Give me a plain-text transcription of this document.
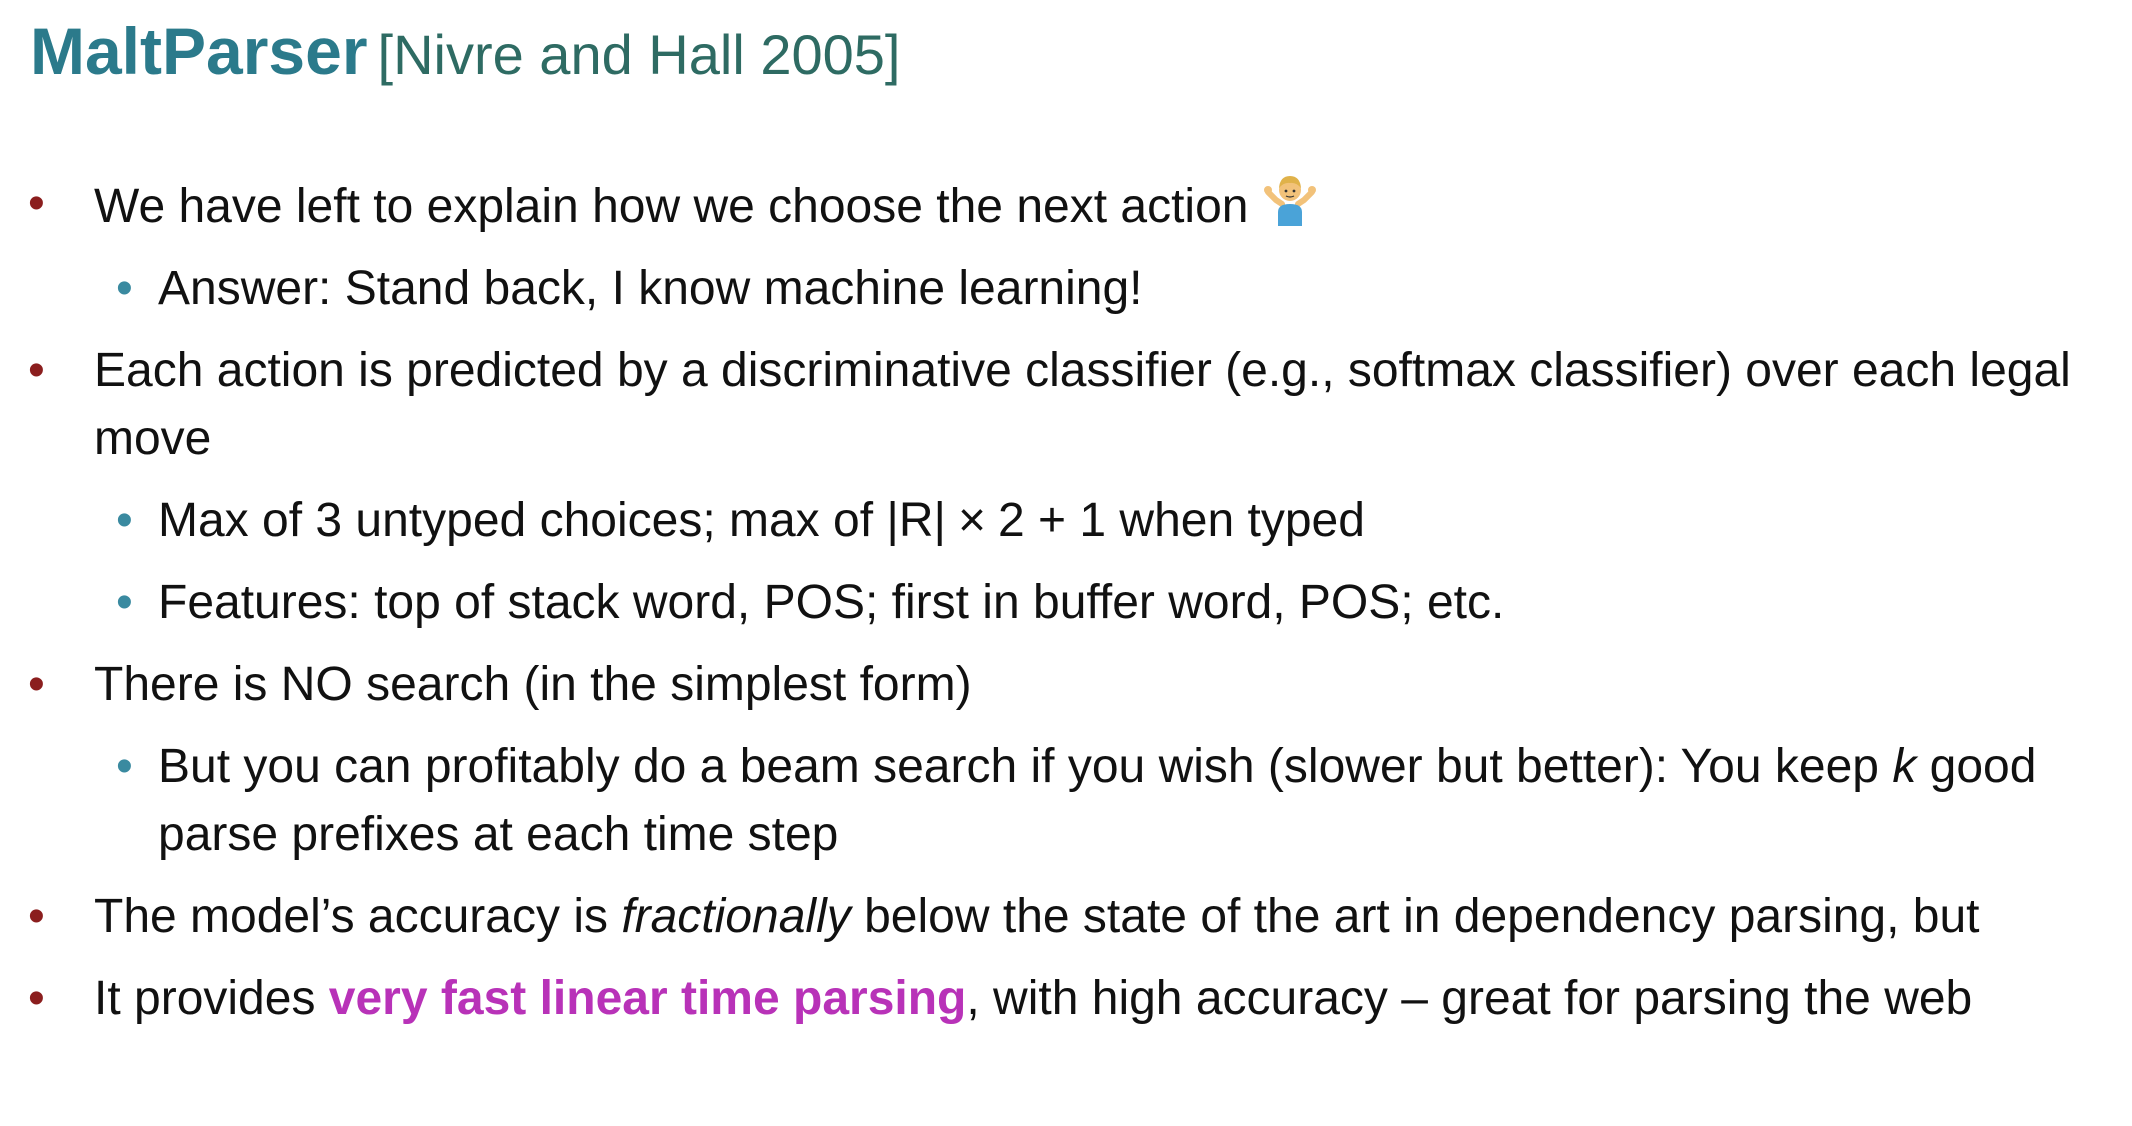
MaltParser [Nivre and Hall 2005]
• We have left to explain how we choose the next action
• Answer: Stand back, I know machine learning!
• Each action is predicted by a discriminative classifier (e.g., softmax classifier) over each legal move
• Max of 3 untyped choices; max of |R| × 2 + 1 when typed
• Features: top of stack word, POS; first in buffer word, POS; etc.
• There is NO search (in the simplest form)
• But you can profitably do a beam search if you wish (slower but better): You keep k good parse prefixes at each time step
• The model’s accuracy is fractionally below the state of the art in dependency parsing, but
• It provides very fast linear time parsing, with high accuracy – great for parsing the web
